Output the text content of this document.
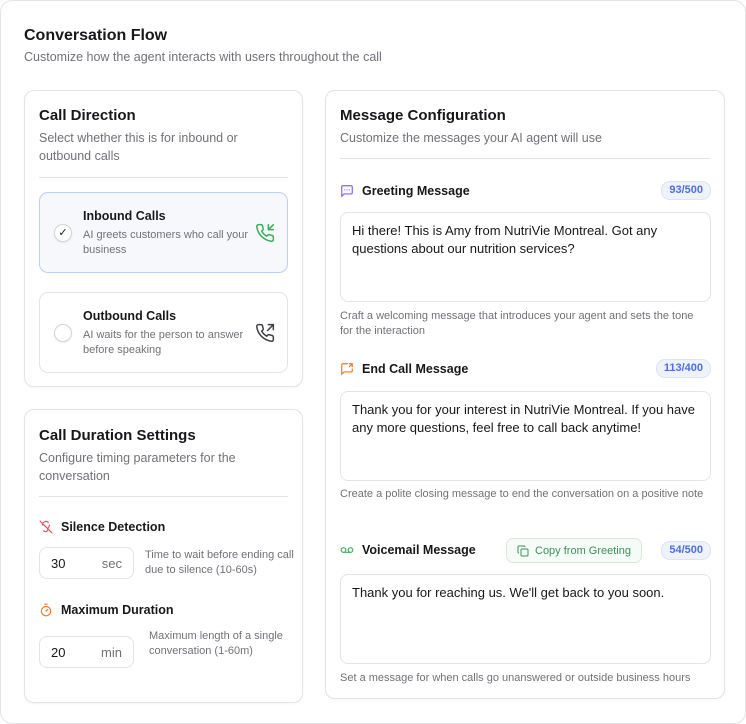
Conversation Flow
Customize how the agent interacts with users throughout the call
Call Direction
Select whether this is for inbound or outbound calls
✓
Inbound Calls
AI greets customers who call your business
Outbound Calls
AI waits for the person to answer before speaking
Call Duration Settings
Configure timing parameters for the conversation
Silence Detection
30	sec
Time to wait before ending call due to silence (10-60s)
Maximum Duration
20	min
Maximum length of a single conversation (1-60m)
Message Configuration
Customize the messages your AI agent will use
Greeting Message	93/500
Hi there! This is Amy from NutriVie Montreal. Got any questions about our nutrition services?
Craft a welcoming message that introduces your agent and sets the tone for the interaction
End Call Message	113/400
Thank you for your interest in NutriVie Montreal. If you have any more questions, feel free to call back anytime!
Create a polite closing message to end the conversation on a positive note
Voicemail Message	Copy from Greeting	54/500
Thank you for reaching us. We'll get back to you soon.
Set a message for when calls go unanswered or outside business hours
